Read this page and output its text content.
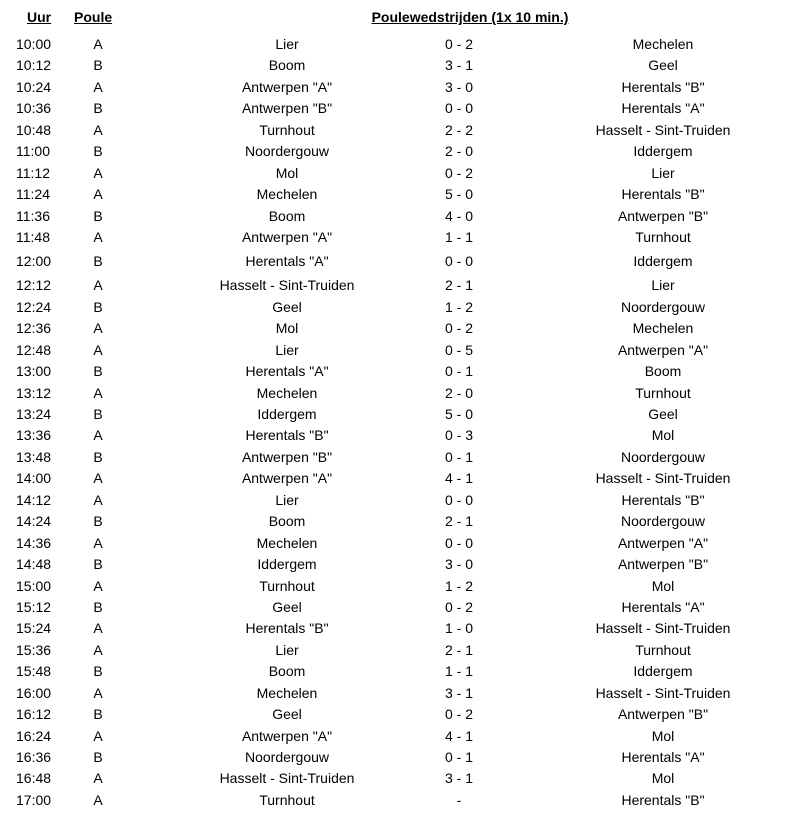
Uur Poule	Poulewedstrijden (1x 10 min.)
10:00	A	Lier	0 - 2	Mechelen
10:12	B	Boom	3 - 1	Geel
10:24	A	Antwerpen "A"	3 - 0	Herentals "B"
10:36	B	Antwerpen "B"	0 - 0	Herentals "A"
10:48	A	Turnhout	2 - 2	Hasselt - Sint-Truiden
11:00	B	Noordergouw	2 - 0	Iddergem
11:12	A	Mol	0 - 2	Lier
11:24	A	Mechelen	5 - 0	Herentals "B"
11:36	B	Boom	4 - 0	Antwerpen "B"
11:48	A	Antwerpen "A"	1 - 1	Turnhout
12:00	B	Herentals "A"	0 - 0	Iddergem
12:12	A	Hasselt - Sint-Truiden	2 - 1	Lier
12:24	B	Geel	1 - 2	Noordergouw
12:36	A	Mol	0 - 2	Mechelen
12:48	A	Lier	0 - 5	Antwerpen "A"
13:00	B	Herentals "A"	0 - 1	Boom
13:12	A	Mechelen	2 - 0	Turnhout
13:24	B	Iddergem	5 - 0	Geel
13:36	A	Herentals "B"	0 - 3	Mol
13:48	B	Antwerpen "B"	0 - 1	Noordergouw
14:00	A	Antwerpen "A"	4 - 1	Hasselt - Sint-Truiden
14:12	A	Lier	0 - 0	Herentals "B"
14:24	B	Boom	2 - 1	Noordergouw
14:36	A	Mechelen	0 - 0	Antwerpen "A"
14:48	B	Iddergem	3 - 0	Antwerpen "B"
15:00	A	Turnhout	1 - 2	Mol
15:12	B	Geel	0 - 2	Herentals "A"
15:24	A	Herentals "B"	1 - 0	Hasselt - Sint-Truiden
15:36	A	Lier	2 - 1	Turnhout
15:48	B	Boom	1 - 1	Iddergem
16:00	A	Mechelen	3 - 1	Hasselt - Sint-Truiden
16:12	B	Geel	0 - 2	Antwerpen "B"
16:24	A	Antwerpen "A"	4 - 1	Mol
16:36	B	Noordergouw	0 - 1	Herentals "A"
16:48	A	Hasselt - Sint-Truiden	3 - 1	Mol
17:00	A	Turnhout	-	Herentals "B"
